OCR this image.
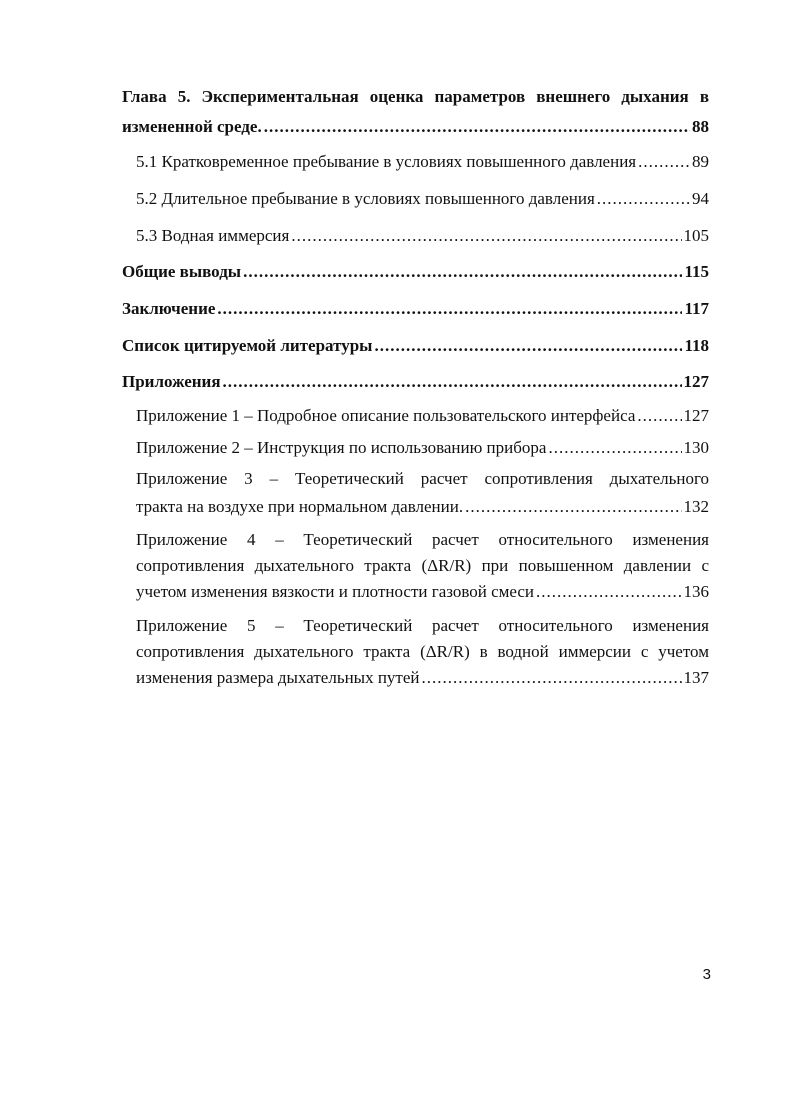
Глава 5. Экспериментальная оценка параметров внешнего дыхания в
измененной среде. .....	88
5.1 Кратковременное пребывание в условиях повышенного давления .....	89
5.2 Длительное пребывание в условиях повышенного давления .....	94
5.3 Водная иммерсия .....	105
Общие выводы .....	115
Заключение .....	117
Список цитируемой литературы .....	118
Приложения .....	127
Приложение 1 – Подробное описание пользовательского интерфейса .....	127
Приложение 2 – Инструкция по использованию прибора .....	130
Приложение 3 – Теоретический расчет сопротивления дыхательного
тракта на воздухе при нормальном давлении. .....	132
Приложение 4 – Теоретический расчет относительного изменения
сопротивления дыхательного тракта (ΔR/R) при повышенном давлении с
учетом изменения вязкости и плотности газовой смеси .....	136
Приложение 5 – Теоретический расчет относительного изменения
сопротивления дыхательного тракта (ΔR/R) в водной иммерсии с учетом
изменения размера дыхательных путей .....	137
3
